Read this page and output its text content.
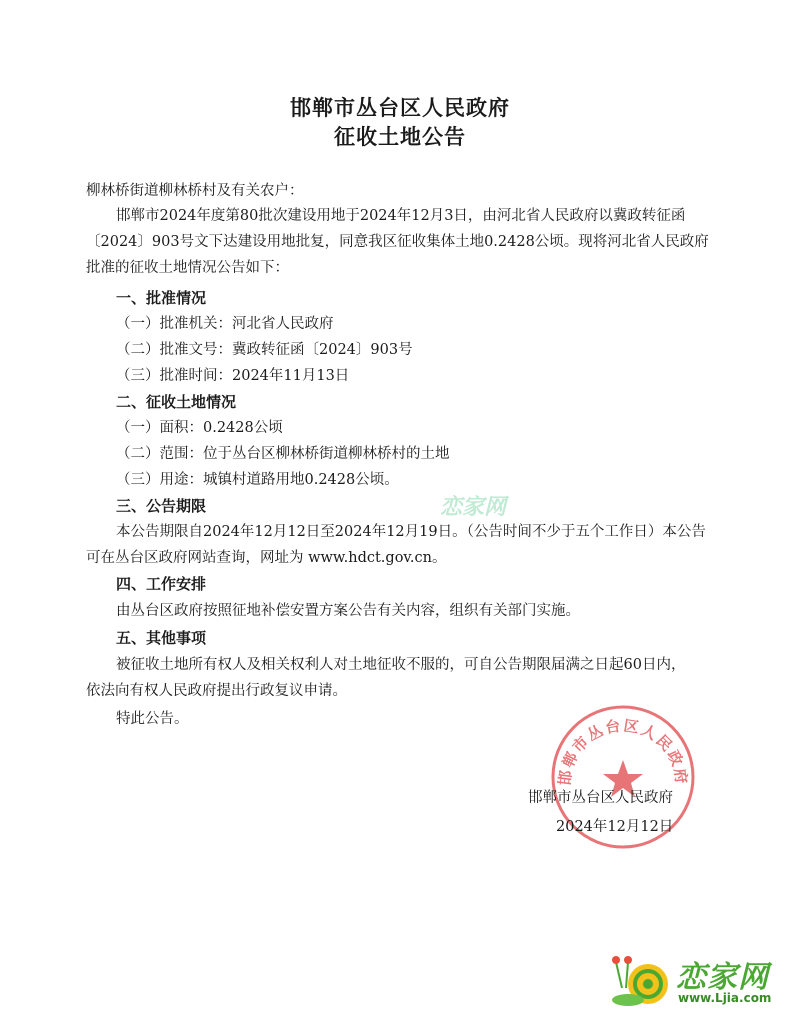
邯郸市丛台区人民政府
征收土地公告
柳林桥街道柳林桥村及有关农户：
邯郸市2024年度第80批次建设用地于2024年12月3日，由河北省人民政府以冀政转征函
〔2024〕903号文下达建设用地批复，同意我区征收集体土地0.2428公顷。现将河北省人民政府
批准的征收土地情况公告如下：
一、批准情况
（一）批准机关：河北省人民政府
（二）批准文号：冀政转征函〔2024〕903号
（三）批准时间：2024年11月13日
二、征收土地情况
（一）面积：0.2428公顷
（二）范围：位于丛台区柳林桥街道柳林桥村的土地
（三）用途：城镇村道路用地0.2428公顷。
三、公告期限
本公告期限自2024年12月12日至2024年12月19日。（公告时间不少于五个工作日）本公告
可在丛台区政府网站查询，网址为 www.hdct.gov.cn。
四、工作安排
由丛台区政府按照征地补偿安置方案公告有关内容，组织有关部门实施。
五、其他事项
被征收土地所有权人及相关权利人对土地征收不服的，可自公告期限届满之日起60日内，
依法向有权人民政府提出行政复议申请。
特此公告。
邯郸市丛台区人民政府
邯郸市丛台区人民政府
2024年12月12日
恋家网
恋家网
www.Ljia.com
